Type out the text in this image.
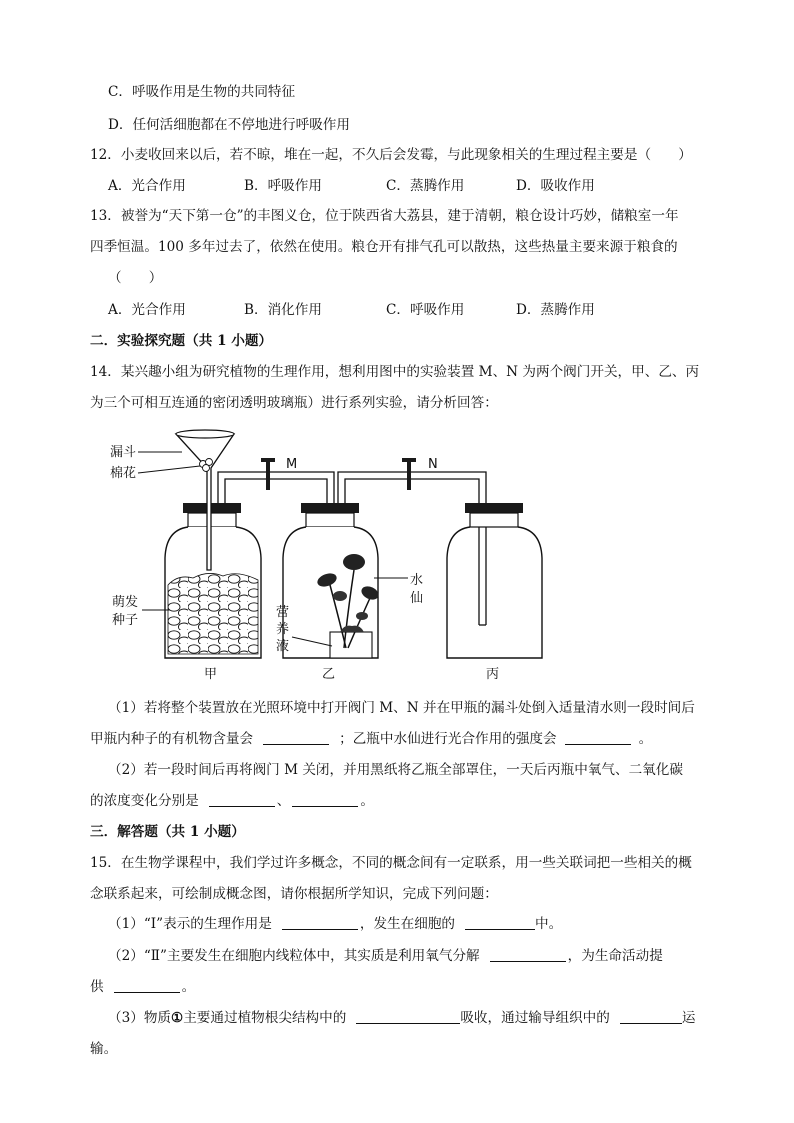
C．呼吸作用是生物的共同特征
D．任何活细胞都在不停地进行呼吸作用
12．小麦收回来以后，若不晾，堆在一起，不久后会发霉，与此现象相关的生理过程主要是（　　）
A．光合作用	B．呼吸作用	C．蒸腾作用	D．吸收作用
13．被誉为“天下第一仓”的丰图义仓，位于陕西省大荔县，建于清朝，粮仓设计巧妙，储粮室一年
四季恒温。100 多年过去了，依然在使用。粮仓开有排气孔可以散热，这些热量主要来源于粮食的
（　　）
A．光合作用	B．消化作用	C．呼吸作用	D．蒸腾作用
二．实验探究题（共 1 小题）
14．某兴趣小组为研究植物的生理作用，想利用图中的实验装置 M、N 为两个阀门开关，甲、乙、丙
为三个可相互连通的密闭透明玻璃瓶）进行系列实验，请分析回答：
漏斗
棉花
M	N
萌发
种子
水
仙
营
养
液
甲	乙	丙
（1）若将整个装置放在光照环境中打开阀门 M、N 并在甲瓶的漏斗处倒入适量清水则一段时间后
甲瓶内种子的有机物含量会	；乙瓶中水仙进行光合作用的强度会	。
（2）若一段时间后再将阀门 M 关闭，并用黑纸将乙瓶全部罩住，一天后丙瓶中氧气、二氧化碳
的浓度变化分别是	、	。
三．解答题（共 1 小题）
15．在生物学课程中，我们学过许多概念，不同的概念间有一定联系，用一些关联词把一些相关的概
念联系起来，可绘制成概念图，请你根据所学知识，完成下列问题：
（1）“Ⅰ”表示的生理作用是	，发生在细胞的	中。
（2）“Ⅱ”主要发生在细胞内线粒体中，其实质是利用氧气分解	，为生命活动提
供	。
（3）物质①主要通过植物根尖结构中的	吸收，通过输导组织中的	运
输。
